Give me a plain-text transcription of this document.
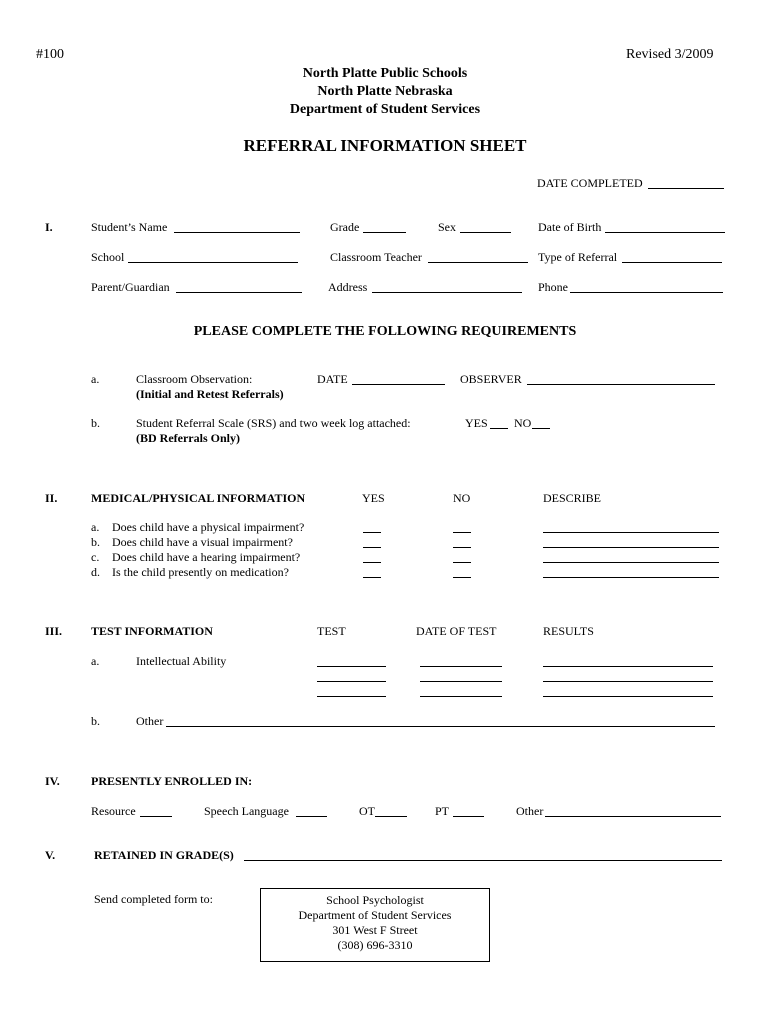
#100	Revised 3/2009
North Platte Public Schools
North Platte Nebraska
Department of Student Services
REFERRAL INFORMATION SHEET
DATE COMPLETED
I.	Student’s Name	Grade	Sex	Date of Birth
School	Classroom Teacher	Type of Referral
Parent/Guardian	Address	Phone
PLEASE COMPLETE THE FOLLOWING REQUIREMENTS
a.	Classroom Observation:
(Initial and Retest Referrals)
DATE	OBSERVER
b.	Student Referral Scale (SRS) and two week log attached:
(BD Referrals Only)
YES NO
II.	MEDICAL/PHYSICAL INFORMATION	YES	NO	DESCRIBE
a. Does child have a physical impairment?
b. Does child have a visual impairment?
c. Does child have a hearing impairment?
d. Is the child presently on medication?
III. TEST INFORMATION	TEST	DATE OF TEST	RESULTS
a.	Intellectual Ability
b.	Other
IV.	PRESENTLY ENROLLED IN:
Resource	Speech Language	OT	PT	Other
V.	RETAINED IN GRADE(S)
Send completed form to:	School Psychologist
Department of Student Services
301 West F Street
(308) 696-3310
